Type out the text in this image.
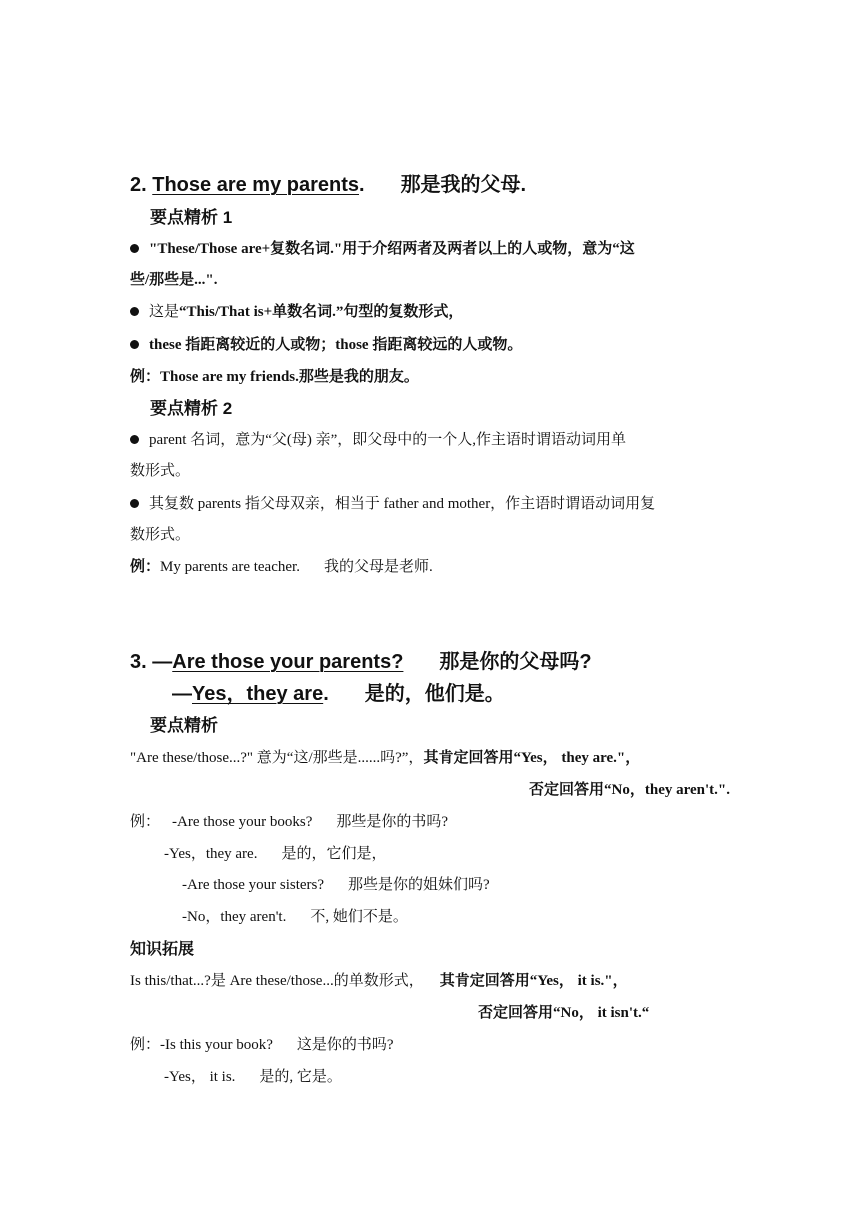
2. Those are my parents. 那是我的父母.
要点精析 1
"These/Those are+复数名词."用于介绍两者及两者以上的人或物，意为“这
些/那些是...".
这是“This/That is+单数名词.”句型的复数形式，
these 指距离较近的人或物；those 指距离较远的人或物。
例：Those are my friends.那些是我的朋友。
要点精析 2
parent 名词，意为“父(母) 亲”，即父母中的一个人,作主语时谓语动词用单
数形式。
其复数 parents 指父母双亲，相当于 father and mother，作主语时谓语动词用复
数形式。
例：My parents are teacher. 我的父母是老师.
3. —Are those your parents? 那是你的父母吗?
—Yes，they are. 是的，他们是。
要点精析
"Are these/those...?" 意为“这/那些是......吗?”，其肯定回答用“Yes， they are."，
否定回答用“No，they aren't.".
例： -Are those your books? 那些是你的书吗?
-Yes，they are. 是的，它们是，
-Are those your sisters? 那些是你的姐妹们吗?
-No，they aren't. 不, 她们不是。
知识拓展
Is this/that...?是 Are these/those...的单数形式， 其肯定回答用“Yes， it is."，
否定回答用“No， it isn't.“
例：-Is this your book? 这是你的书吗?
-Yes， it is. 是的, 它是。
